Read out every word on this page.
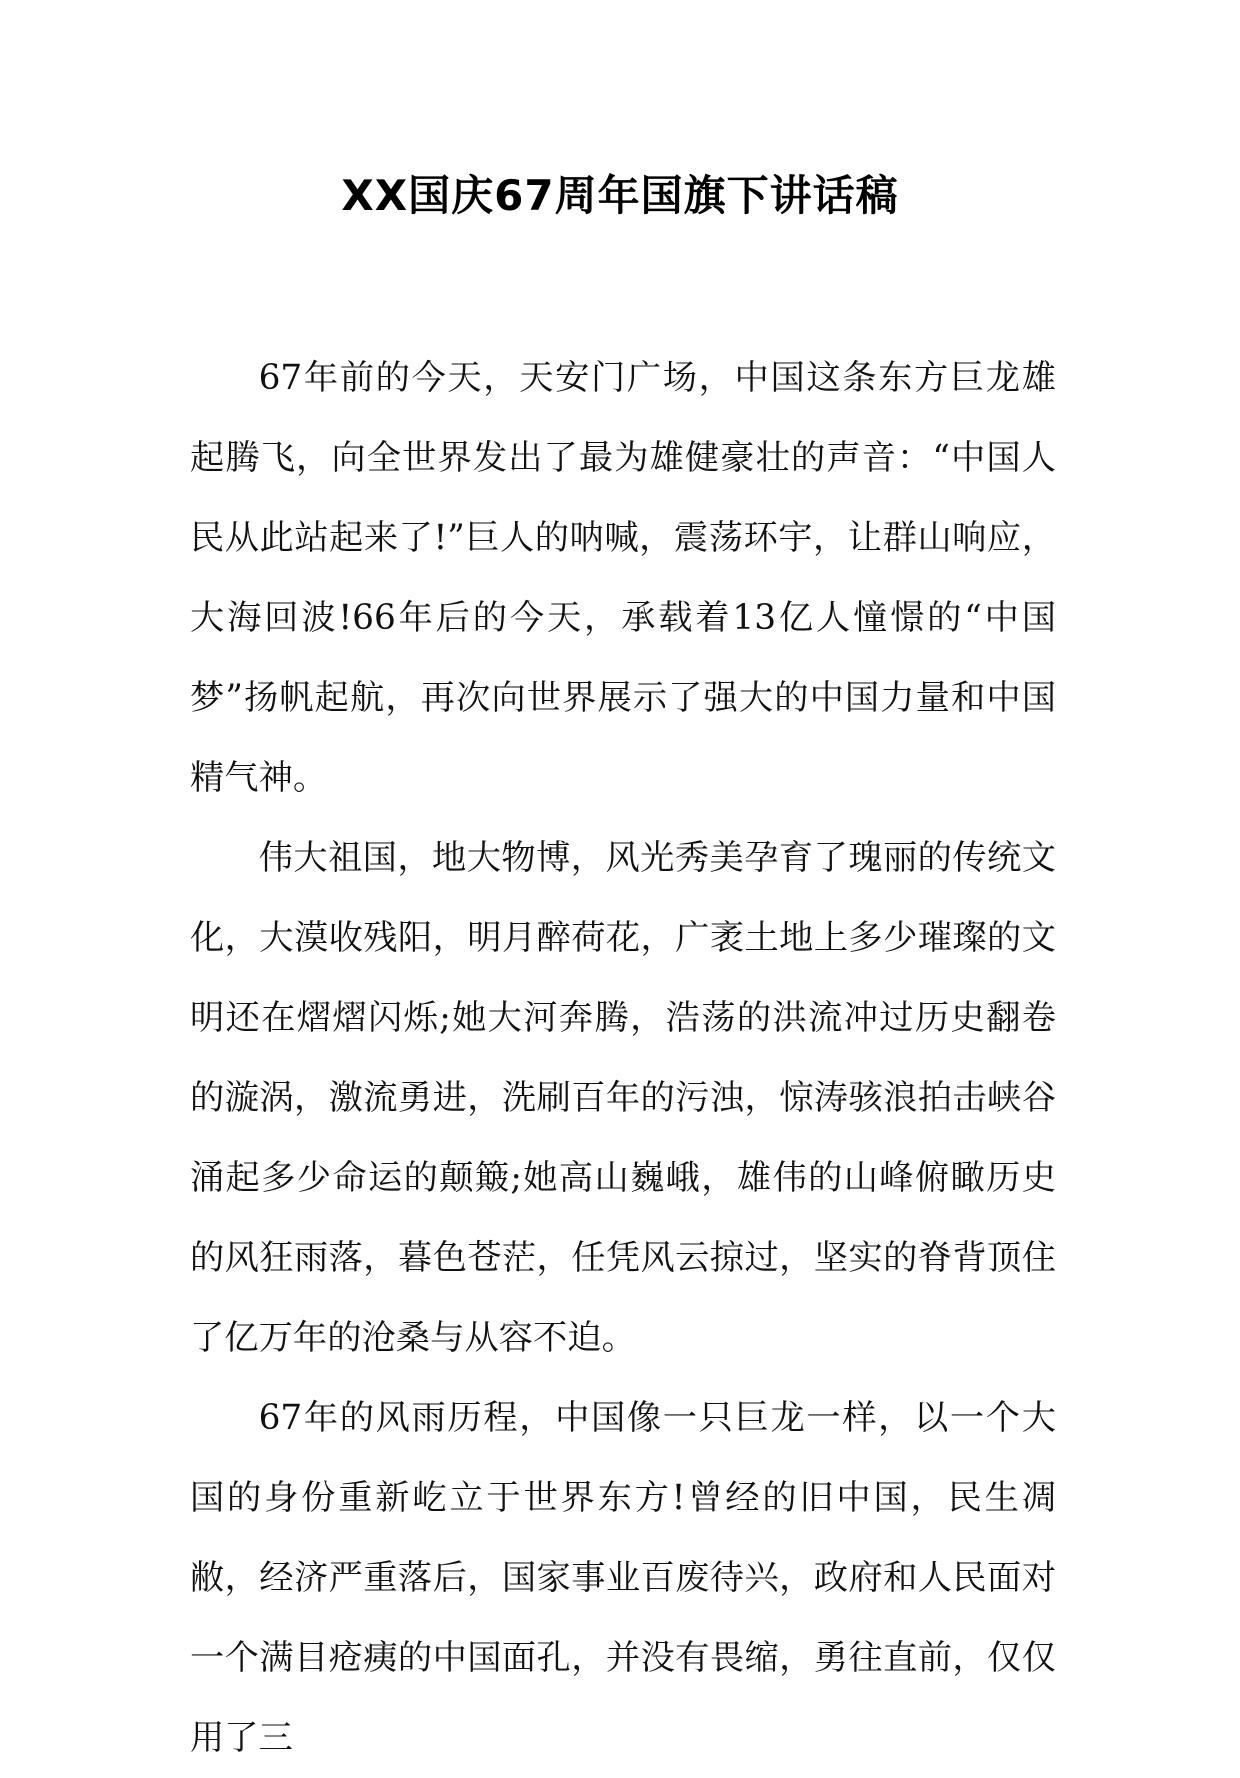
XX国庆67周年国旗下讲话稿

67年前的今天，天安门广场，中国这条东方巨龙雄起腾飞，向全世界发出了最为雄健豪壮的声音：“中国人民从此站起来了!”巨人的呐喊，震荡环宇，让群山响应，大海回波!66年后的今天，承载着13亿人憧憬的“中国梦”扬帆起航，再次向世界展示了强大的中国力量和中国精气神。

伟大祖国，地大物博，风光秀美孕育了瑰丽的传统文化，大漠收残阳，明月醉荷花，广袤土地上多少璀璨的文明还在熠熠闪烁;她大河奔腾，浩荡的洪流冲过历史翻卷的漩涡，激流勇进，洗刷百年的污浊，惊涛骇浪拍击峡谷涌起多少命运的颠簸;她高山巍峨，雄伟的山峰俯瞰历史的风狂雨落，暮色苍茫，任凭风云掠过，坚实的脊背顶住了亿万年的沧桑与从容不迫。

67年的风雨历程，中国像一只巨龙一样，以一个大国的身份重新屹立于世界东方!曾经的旧中国，民生凋敝，经济严重落后，国家事业百废待兴，政府和人民面对一个满目疮痍的中国面孔，并没有畏缩，勇往直前，仅仅用了三
